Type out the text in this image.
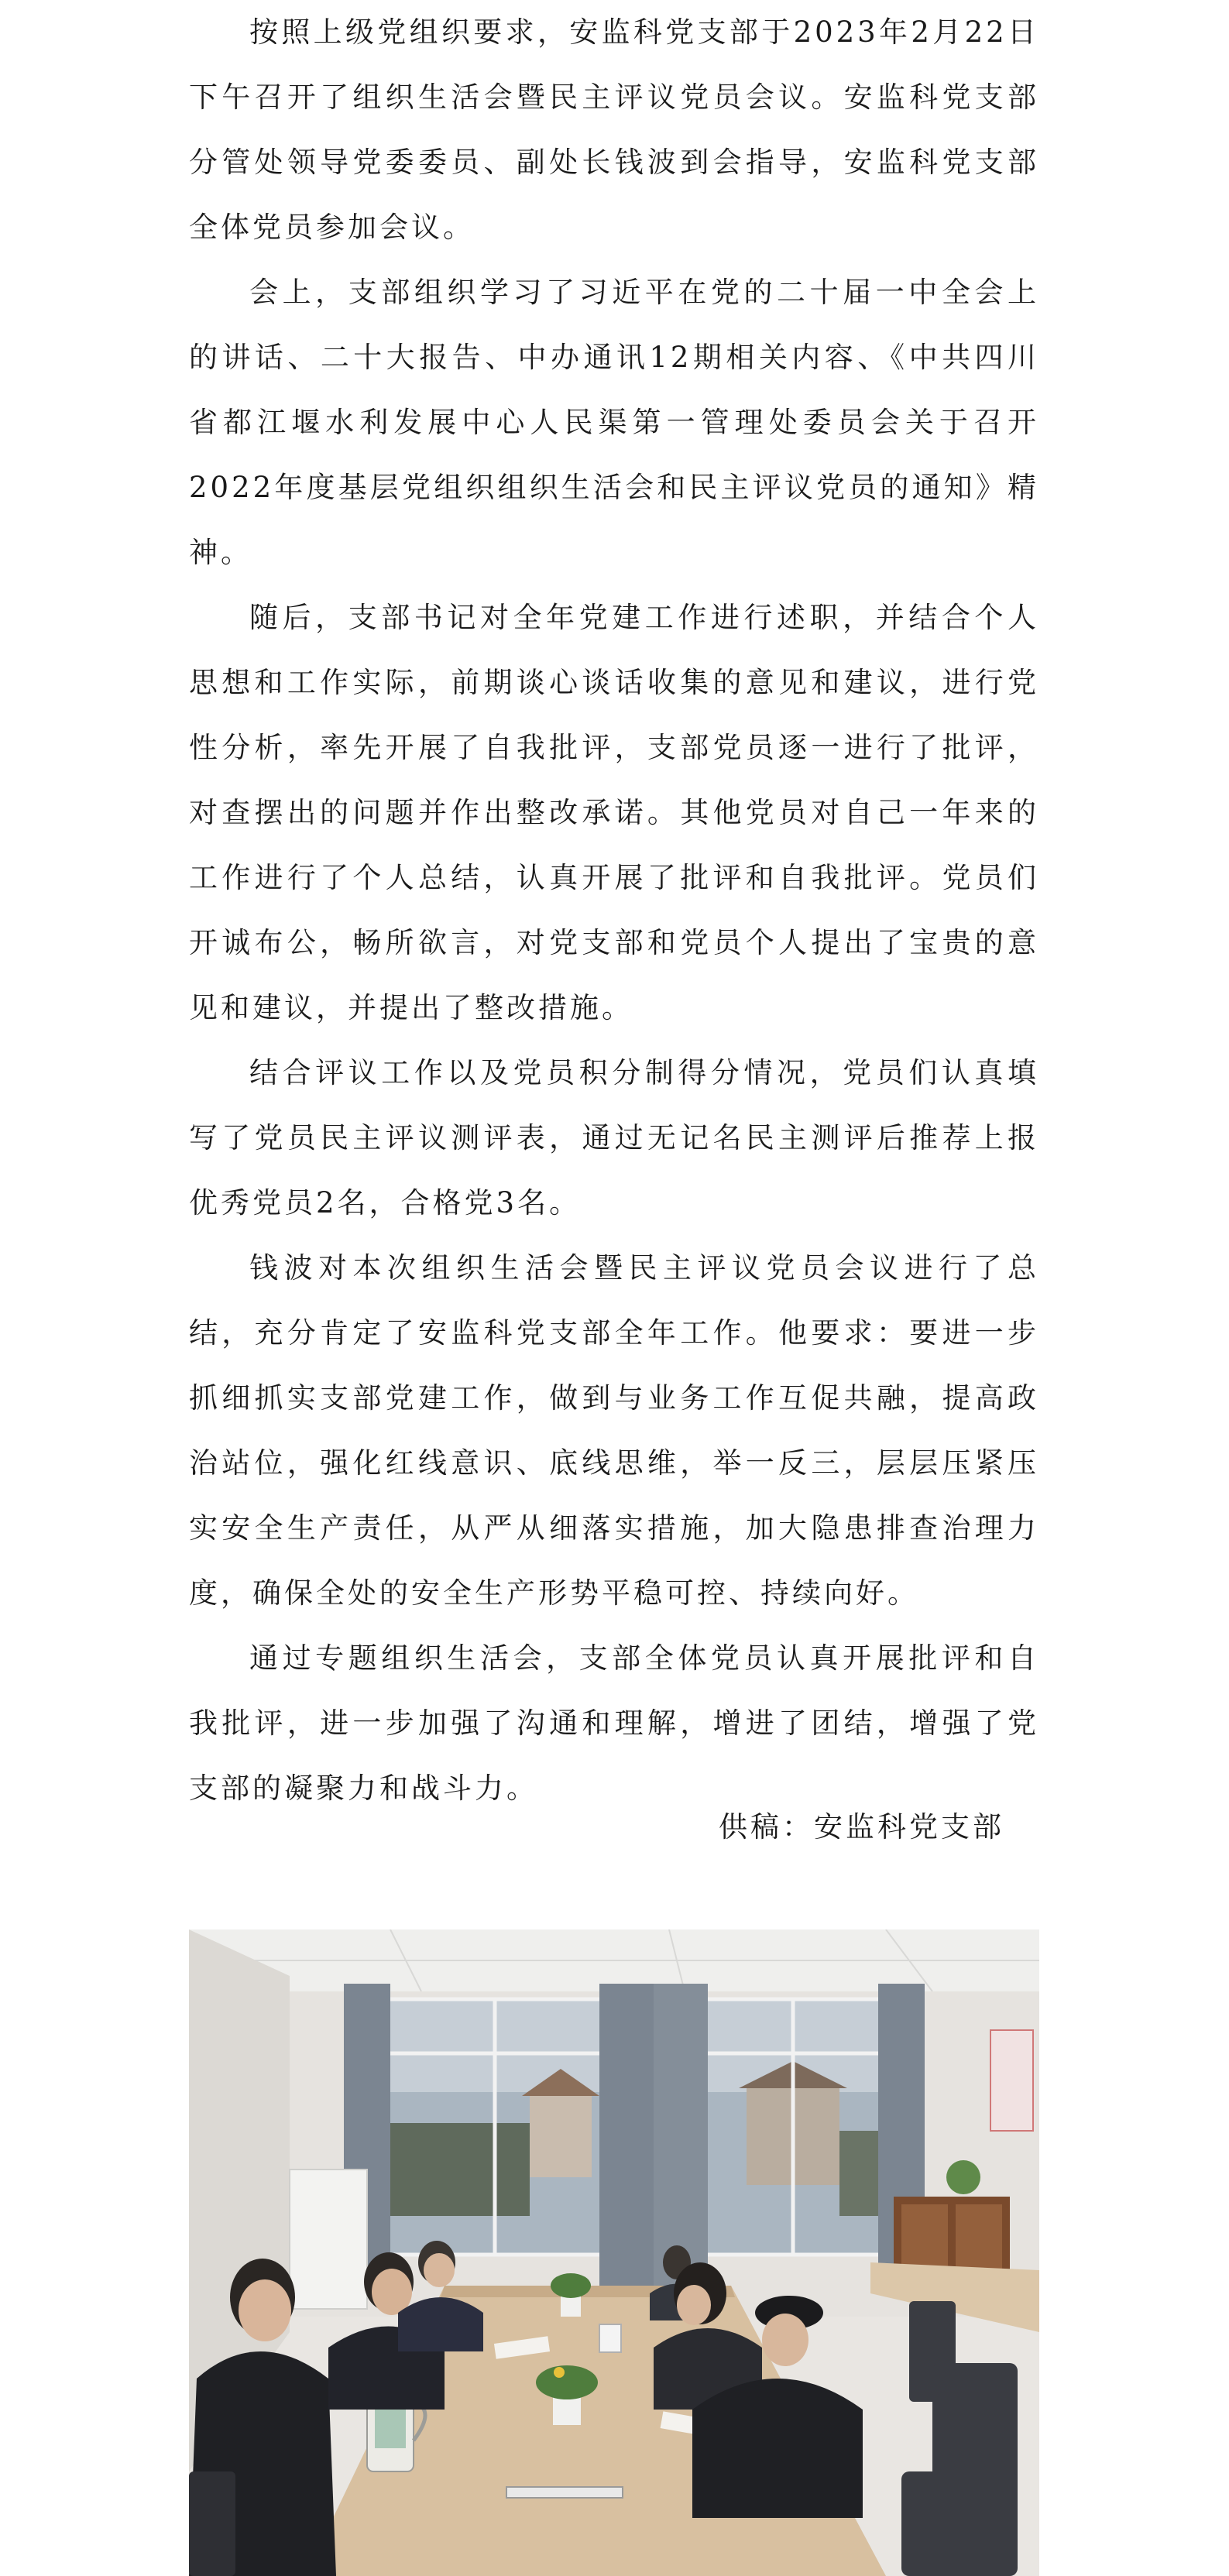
按照上级党组织要求，安监科党支部于2023年2月22日下午召开了组织生活会暨民主评议党员会议。安监科党支部分管处领导党委委员、副处长钱波到会指导，安监科党支部全体党员参加会议。

会上，支部组织学习了习近平在党的二十届一中全会上的讲话、二十大报告、中办通讯12期相关内容、《中共四川省都江堰水利发展中心人民渠第一管理处委员会关于召开2022年度基层党组织组织生活会和民主评议党员的通知》精神。

随后，支部书记对全年党建工作进行述职，并结合个人思想和工作实际，前期谈心谈话收集的意见和建议，进行党性分析，率先开展了自我批评，支部党员逐一进行了批评，对查摆出的问题并作出整改承诺。其他党员对自己一年来的工作进行了个人总结，认真开展了批评和自我批评。党员们开诚布公，畅所欲言，对党支部和党员个人提出了宝贵的意见和建议，并提出了整改措施。

结合评议工作以及党员积分制得分情况，党员们认真填写了党员民主评议测评表，通过无记名民主测评后推荐上报优秀党员2名，合格党3名。

钱波对本次组织生活会暨民主评议党员会议进行了总结，充分肯定了安监科党支部全年工作。他要求：要进一步抓细抓实支部党建工作，做到与业务工作互促共融，提高政治站位，强化红线意识、底线思维，举一反三，层层压紧压实安全生产责任，从严从细落实措施，加大隐患排查治理力度，确保全处的安全生产形势平稳可控、持续向好。

通过专题组织生活会，支部全体党员认真开展批评和自我批评，进一步加强了沟通和理解，增进了团结，增强了党支部的凝聚力和战斗力。

供稿：安监科党支部
